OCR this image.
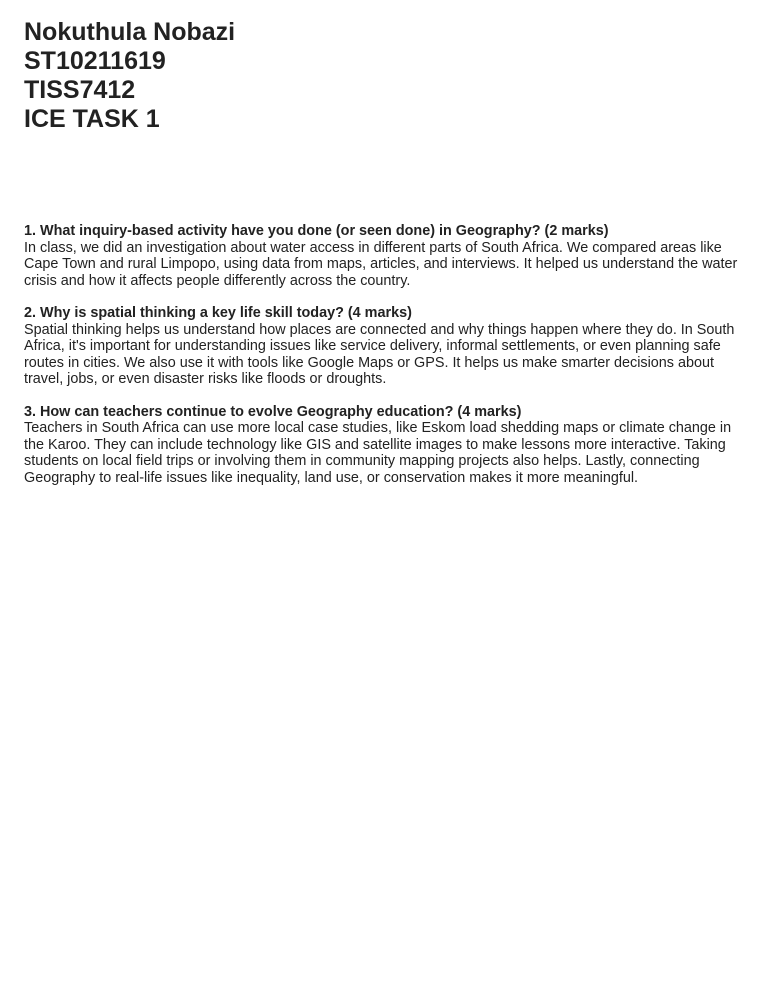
Nokuthula Nobazi
ST10211619
TISS7412
ICE TASK 1

1. What inquiry-based activity have you done (or seen done) in Geography? (2 marks)

In class, we did an investigation about water access in different parts of South Africa. We compared areas like Cape Town and rural Limpopo, using data from maps, articles, and interviews. It helped us understand the water crisis and how it affects people differently across the country.

2. Why is spatial thinking a key life skill today? (4 marks)

Spatial thinking helps us understand how places are connected and why things happen where they do. In South Africa, it's important for understanding issues like service delivery, informal settlements, or even planning safe routes in cities. We also use it with tools like Google Maps or GPS. It helps us make smarter decisions about travel, jobs, or even disaster risks like floods or droughts.

3. How can teachers continue to evolve Geography education? (4 marks)

Teachers in South Africa can use more local case studies, like Eskom load shedding maps or climate change in the Karoo. They can include technology like GIS and satellite images to make lessons more interactive. Taking students on local field trips or involving them in community mapping projects also helps. Lastly, connecting Geography to real-life issues like inequality, land use, or conservation makes it more meaningful.
